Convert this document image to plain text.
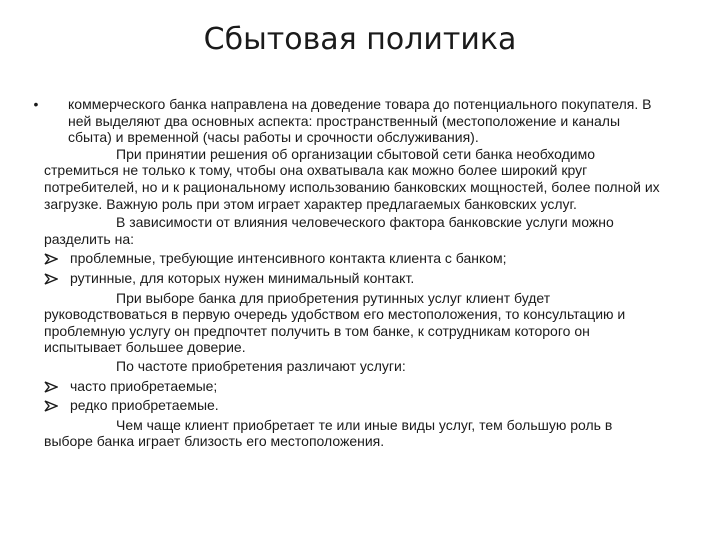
Сбытовая политика

• коммерческого банка направлена на доведение товара до потенциального покупателя. В ней выделяют два основных аспекта: пространственный (местоположение и каналы сбыта) и временной (часы работы и срочности обслуживания).

При принятии решения об организации сбытовой сети банка необходимо стремиться не только к тому, чтобы она охватывала как можно более широкий круг потребителей, но и к рациональному использованию банковских мощностей, более полной их загрузке. Важную роль при этом играет характер предлагаемых банковских услуг.

В зависимости от влияния человеческого фактора банковские услуги можно разделить на:

проблемные, требующие интенсивного контакта клиента с банком;

рутинные, для которых нужен минимальный контакт.

При выборе банка для приобретения рутинных услуг клиент будет руководствоваться в первую очередь удобством его местоположения, то консультацию и проблемную услугу он предпочтет получить в том банке, к сотрудникам которого он испытывает большее доверие.

По частоте приобретения различают услуги:

часто приобретаемые;

редко приобретаемые.

Чем чаще клиент приобретает те или иные виды услуг, тем большую роль в выборе банка играет близость его местоположения.
